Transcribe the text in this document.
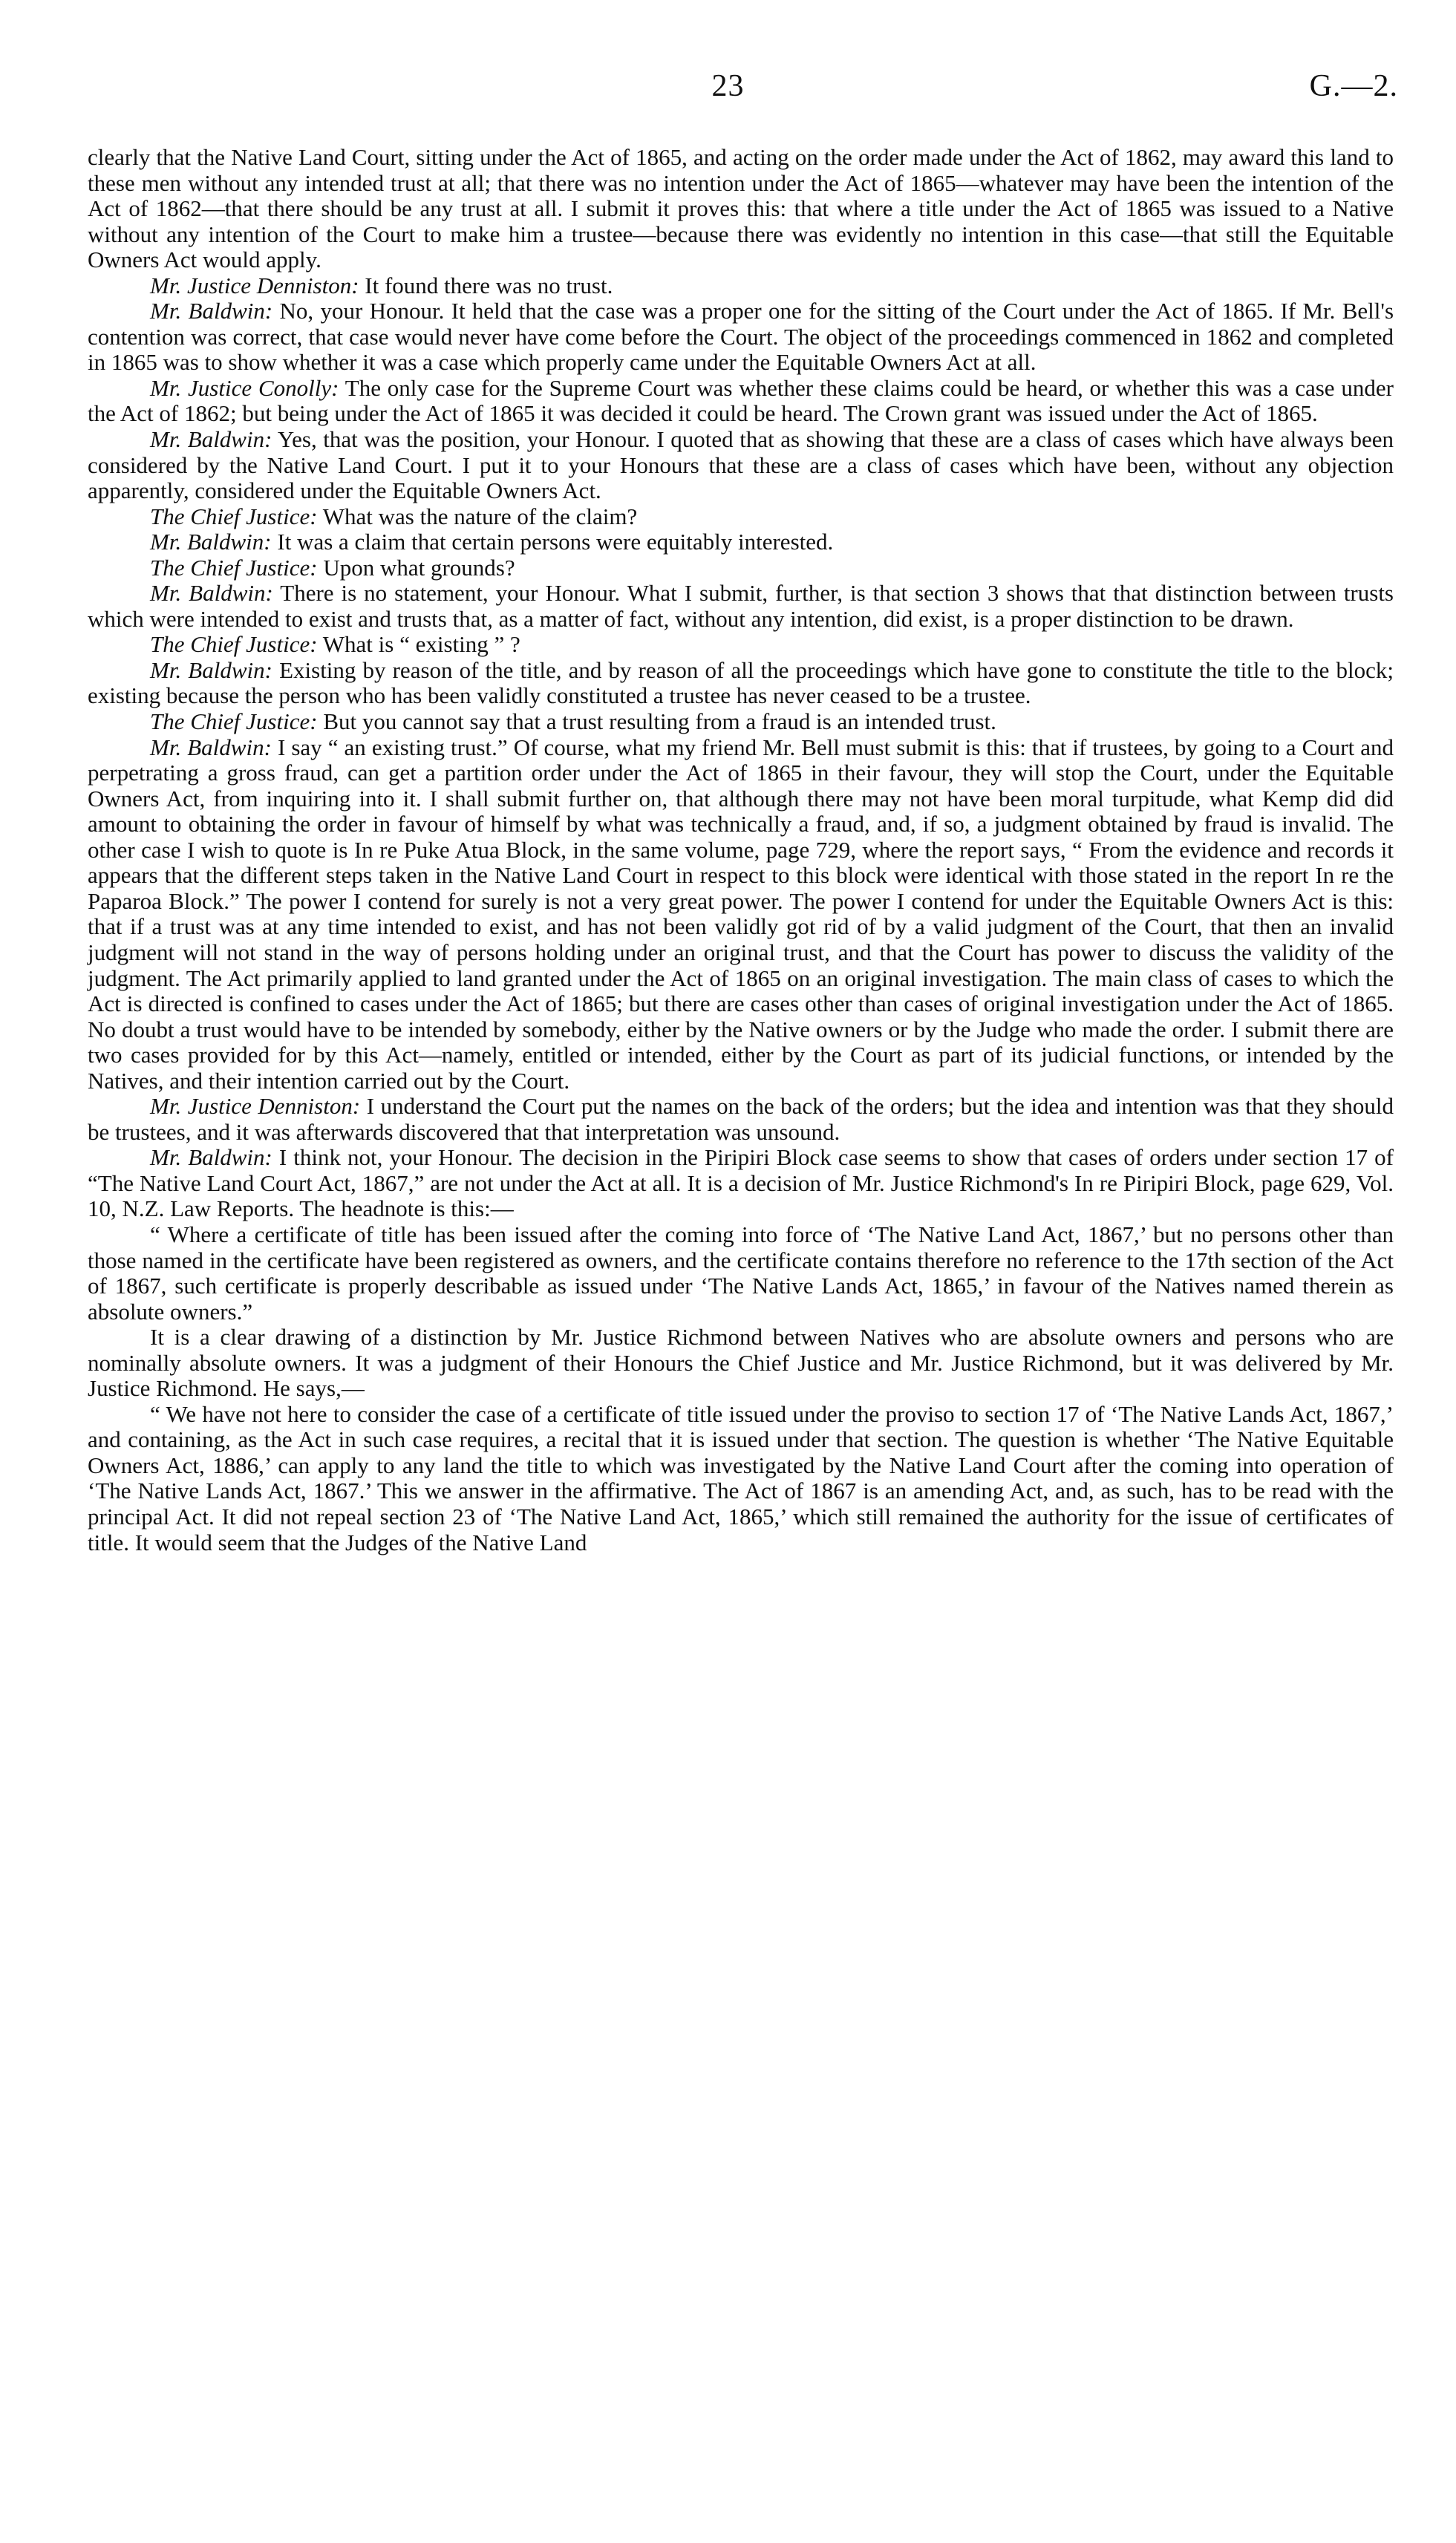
23	G.—2.

clearly that the Native Land Court, sitting under the Act of 1865, and acting on the order made under the Act of 1862, may award this land to these men without any intended trust at all; that there was no intention under the Act of 1865—whatever may have been the intention of the Act of 1862—that there should be any trust at all. I submit it proves this: that where a title under the Act of 1865 was issued to a Native without any intention of the Court to make him a trustee—because there was evidently no intention in this case—that still the Equitable Owners Act would apply.

Mr. Justice Denniston: It found there was no trust.

Mr. Baldwin: No, your Honour. It held that the case was a proper one for the sitting of the Court under the Act of 1865. If Mr. Bell's contention was correct, that case would never have come before the Court. The object of the proceedings commenced in 1862 and completed in 1865 was to show whether it was a case which properly came under the Equitable Owners Act at all.

Mr. Justice Conolly: The only case for the Supreme Court was whether these claims could be heard, or whether this was a case under the Act of 1862; but being under the Act of 1865 it was decided it could be heard. The Crown grant was issued under the Act of 1865.

Mr. Baldwin: Yes, that was the position, your Honour. I quoted that as showing that these are a class of cases which have always been considered by the Native Land Court. I put it to your Honours that these are a class of cases which have been, without any objection apparently, considered under the Equitable Owners Act.

The Chief Justice: What was the nature of the claim?

Mr. Baldwin: It was a claim that certain persons were equitably interested.

The Chief Justice: Upon what grounds?

Mr. Baldwin: There is no statement, your Honour. What I submit, further, is that section 3 shows that that distinction between trusts which were intended to exist and trusts that, as a matter of fact, without any intention, did exist, is a proper distinction to be drawn.

The Chief Justice: What is “ existing ” ?

Mr. Baldwin: Existing by reason of the title, and by reason of all the proceedings which have gone to constitute the title to the block; existing because the person who has been validly constituted a trustee has never ceased to be a trustee.

The Chief Justice: But you cannot say that a trust resulting from a fraud is an intended trust.

Mr. Baldwin: I say “ an existing trust.” Of course, what my friend Mr. Bell must submit is this: that if trustees, by going to a Court and perpetrating a gross fraud, can get a partition order under the Act of 1865 in their favour, they will stop the Court, under the Equitable Owners Act, from inquiring into it. I shall submit further on, that although there may not have been moral turpitude, what Kemp did did amount to obtaining the order in favour of himself by what was technically a fraud, and, if so, a judgment obtained by fraud is invalid. The other case I wish to quote is In re Puke Atua Block, in the same volume, page 729, where the report says, “ From the evidence and records it appears that the different steps taken in the Native Land Court in respect to this block were identical with those stated in the report In re the Paparoa Block.” The power I contend for surely is not a very great power. The power I contend for under the Equitable Owners Act is this: that if a trust was at any time intended to exist, and has not been validly got rid of by a valid judgment of the Court, that then an invalid judgment will not stand in the way of persons holding under an original trust, and that the Court has power to discuss the validity of the judgment. The Act primarily applied to land granted under the Act of 1865 on an original investigation. The main class of cases to which the Act is directed is confined to cases under the Act of 1865; but there are cases other than cases of original investigation under the Act of 1865. No doubt a trust would have to be intended by somebody, either by the Native owners or by the Judge who made the order. I submit there are two cases provided for by this Act—namely, entitled or intended, either by the Court as part of its judicial functions, or intended by the Natives, and their intention carried out by the Court.

Mr. Justice Denniston: I understand the Court put the names on the back of the orders; but the idea and intention was that they should be trustees, and it was afterwards discovered that that interpretation was unsound.

Mr. Baldwin: I think not, your Honour. The decision in the Piripiri Block case seems to show that cases of orders under section 17 of “The Native Land Court Act, 1867,” are not under the Act at all. It is a decision of Mr. Justice Richmond's In re Piripiri Block, page 629, Vol. 10, N.Z. Law Reports. The headnote is this:—

“ Where a certificate of title has been issued after the coming into force of ‘The Native Land Act, 1867,’ but no persons other than those named in the certificate have been registered as owners, and the certificate contains therefore no reference to the 17th section of the Act of 1867, such certificate is properly describable as issued under ‘The Native Lands Act, 1865,’ in favour of the Natives named therein as absolute owners.”

It is a clear drawing of a distinction by Mr. Justice Richmond between Natives who are absolute owners and persons who are nominally absolute owners. It was a judgment of their Honours the Chief Justice and Mr. Justice Richmond, but it was delivered by Mr. Justice Richmond. He says,—

“ We have not here to consider the case of a certificate of title issued under the proviso to section 17 of ‘The Native Lands Act, 1867,’ and containing, as the Act in such case requires, a recital that it is issued under that section. The question is whether ‘The Native Equitable Owners Act, 1886,’ can apply to any land the title to which was investigated by the Native Land Court after the coming into operation of ‘The Native Lands Act, 1867.’ This we answer in the affirmative. The Act of 1867 is an amending Act, and, as such, has to be read with the principal Act. It did not repeal section 23 of ‘The Native Land Act, 1865,’ which still remained the authority for the issue of certificates of title. It would seem that the Judges of the Native Land
